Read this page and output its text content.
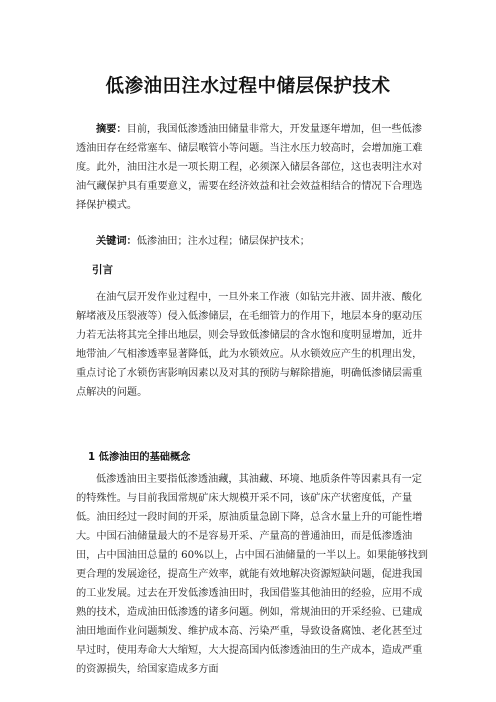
低渗油田注水过程中储层保护技术

摘要：目前，我国低渗透油田储量非常大，开发量逐年增加，但一些低渗透油田存在经常塞车、储层喉管小等问题。当注水压力较高时，会增加施工难度。此外，油田注水是一项长期工程，必须深入储层各部位，这也表明注水对油气藏保护具有重要意义，需要在经济效益和社会效益相结合的情况下合理选择保护模式。

关键词：低渗油田；注水过程；储层保护技术；

引言

在油气层开发作业过程中，一旦外来工作液（如钻完井液、固井液、酸化解堵液及压裂液等）侵入低渗储层，在毛细管力的作用下，地层本身的驱动压力若无法将其完全排出地层，则会导致低渗储层的含水饱和度明显增加，近井地带油／气相渗透率显著降低，此为水锁效应。从水锁效应产生的机理出发，重点讨论了水锁伤害影响因素以及对其的预防与解除措施，明确低渗储层需重点解决的问题。

1 低渗油田的基础概念

低渗透油田主要指低渗透油藏，其油藏、环境、地质条件等因素具有一定的特殊性。与目前我国常规矿床大规模开采不同，该矿床产状密度低，产量低。油田经过一段时间的开采，原油质量急剧下降，总含水量上升的可能性增大。中国石油储量最大的不是容易开采、产量高的普通油田，而是低渗透油田，占中国油田总量的 60%以上，占中国石油储量的一半以上。如果能够找到更合理的发展途径，提高生产效率，就能有效地解决资源短缺问题，促进我国的工业发展。过去在开发低渗透油田时，我国借鉴其他油田的经验，应用不成熟的技术，造成油田低渗透的诸多问题。例如，常规油田的开采经验、已建成油田地面作业问题频发、维护成本高、污染严重，导致设备腐蚀、老化甚至过早过时，使用寿命大大缩短，大大提高国内低渗透油田的生产成本，造成严重的资源损失，给国家造成多方面
